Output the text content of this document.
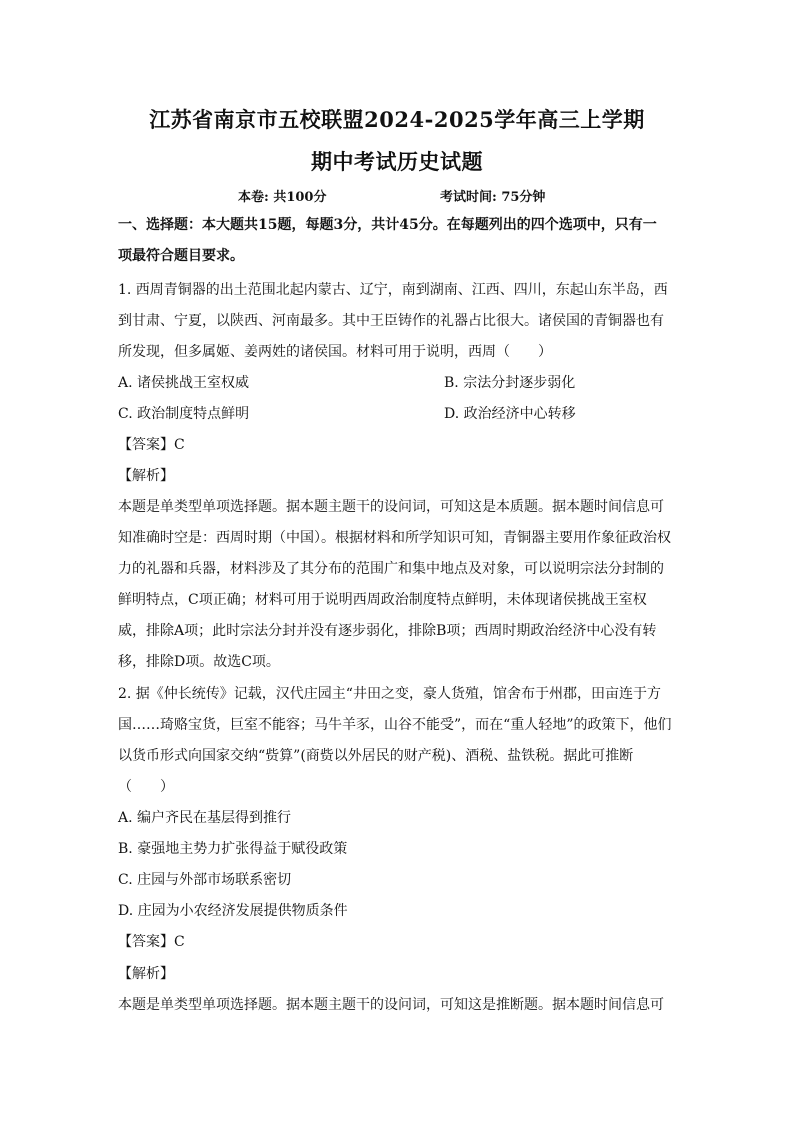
江苏省南京市五校联盟2024-2025学年高三上学期
期中考试历史试题
本卷: 共100分	考试时间: 75分钟
一、选择题：本大题共15题，每题3分，共计45分。在每题列出的四个选项中，只有一
项最符合题目要求。
1. 西周青铜器的出土范围北起内蒙古、辽宁，南到湖南、江西、四川，东起山东半岛，西
到甘肃、宁夏，以陕西、河南最多。其中王臣铸作的礼器占比很大。诸侯国的青铜器也有
所发现，但多属姬、姜两姓的诸侯国。材料可用于说明，西周（　　）
A. 诸侯挑战王室权威	B. 宗法分封逐步弱化
C. 政治制度特点鲜明	D. 政治经济中心转移
【答案】C
【解析】
本题是单类型单项选择题。据本题主题干的设问词，可知这是本质题。据本题时间信息可
知准确时空是：西周时期（中国）。根据材料和所学知识可知，青铜器主要用作象征政治权
力的礼器和兵器，材料涉及了其分布的范围广和集中地点及对象，可以说明宗法分封制的
鲜明特点，C项正确；材料可用于说明西周政治制度特点鲜明，未体现诸侯挑战王室权
威，排除A项；此时宗法分封并没有逐步弱化，排除B项；西周时期政治经济中心没有转
移，排除D项。故选C项。
2. 据《仲长统传》记载，汉代庄园主“井田之变，豪人货殖，馆舍布于州郡，田亩连于方
国……琦赂宝货，巨室不能容；马牛羊豕，山谷不能受”，而在“重人轻地”的政策下，他们
以货币形式向国家交纳“赀算”(商赀以外居民的财产税)、酒税、盐铁税。据此可推断
（　　）
A. 编户齐民在基层得到推行
B. 豪强地主势力扩张得益于赋役政策
C. 庄园与外部市场联系密切
D. 庄园为小农经济发展提供物质条件
【答案】C
【解析】
本题是单类型单项选择题。据本题主题干的设问词，可知这是推断题。据本题时间信息可
